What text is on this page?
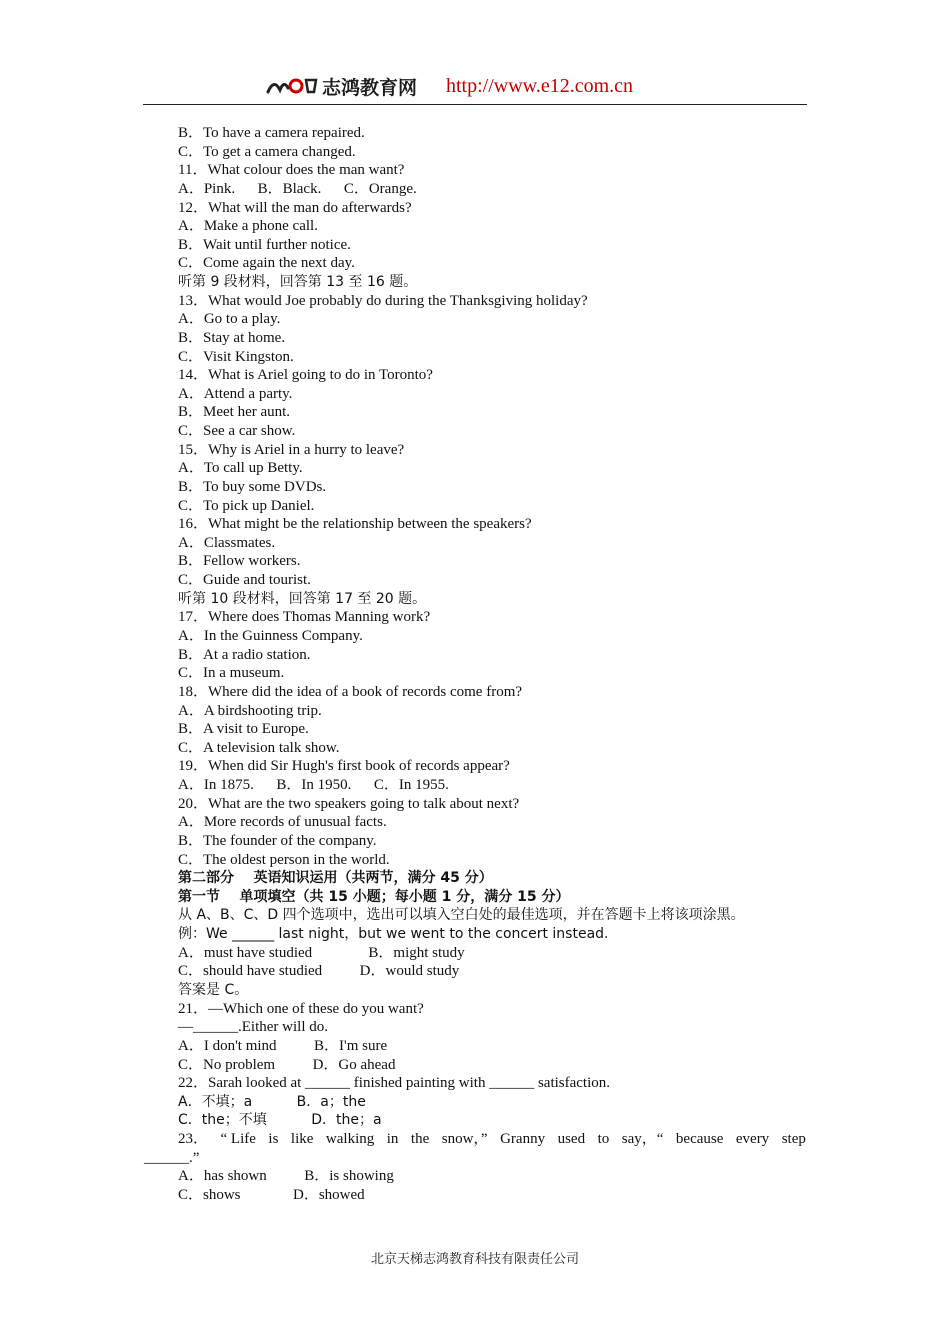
志鸿教育网 http://www.e12.com.cn
B．To have a camera repaired.
C．To get a camera changed.
11．What colour does the man want?
A．Pink.      B．Black.      C．Orange.
12．What will the man do afterwards?
A．Make a phone call.
B．Wait until further notice.
C．Come again the next day.
听第 9 段材料，回答第 13 至 16 题。
13．What would Joe probably do during the Thanksgiving holiday?
A．Go to a play.
B．Stay at home.
C．Visit Kingston.
14．What is Ariel going to do in Toronto?
A．Attend a party.
B．Meet her aunt.
C．See a car show.
15．Why is Ariel in a hurry to leave?
A．To call up Betty.
B．To buy some DVDs.
C．To pick up Daniel.
16．What might be the relationship between the speakers?
A．Classmates.
B．Fellow workers.
C．Guide and tourist.
听第 10 段材料，回答第 17 至 20 题。
17．Where does Thomas Manning work?
A．In the Guinness Company.
B．At a radio station.
C．In a museum.
18．Where did the idea of a book of records come from?
A．A birdshooting trip.
B．A visit to Europe.
C．A television talk show.
19．When did Sir Hugh's first book of records appear?
A．In 1875.      B．In 1950.      C．In 1955.
20．What are the two speakers going to talk about next?
A．More records of unusual facts.
B．The founder of the company.
C．The oldest person in the world.
第二部分    英语知识运用（共两节，满分 45 分）
第一节    单项填空（共 15 小题；每小题 1 分，满分 15 分）
从 A、B、C、D 四个选项中，选出可以填入空白处的最佳选项，并在答题卡上将该项涂黑。
例：We ______ last night，but we went to the concert instead.
A．must have studied               B．might study
C．should have studied          D．would study
答案是 C。
21．—Which one of these do you want?
—______.Either will do.
A．I don't mind          B．I'm sure
C．No problem          D．Go ahead
22．Sarah looked at ______ finished painting with ______ satisfaction.
A．不填；a          B．a；the
C．the；不填          D．the；a
23． “ Life is like walking in the snow，” Granny used to say，“ because every step
______.”
A．has shown          B．is showing
C．shows              D．showed
北京天梯志鸿教育科技有限责任公司
